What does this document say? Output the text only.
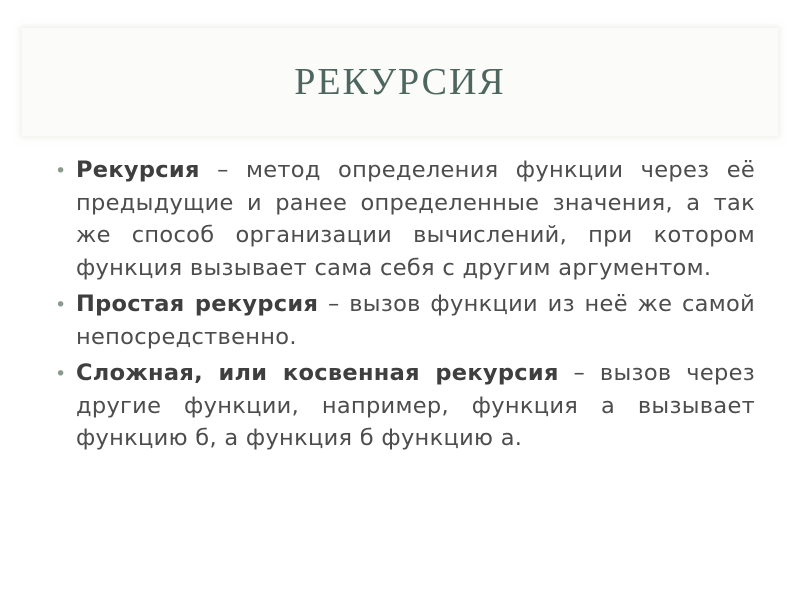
РЕКУРСИЯ
• Рекурсия – метод определения функции через её предыдущие и ранее определенные значения, а так же способ организации вычислений, при котором функция вызывает сама себя с другим аргументом.

• Простая рекурсия – вызов функции из неё же самой непосредственно.

• Сложная, или косвенная рекурсия – вызов через другие функции, например, функция а вызывает функцию б, а функция б функцию а.
